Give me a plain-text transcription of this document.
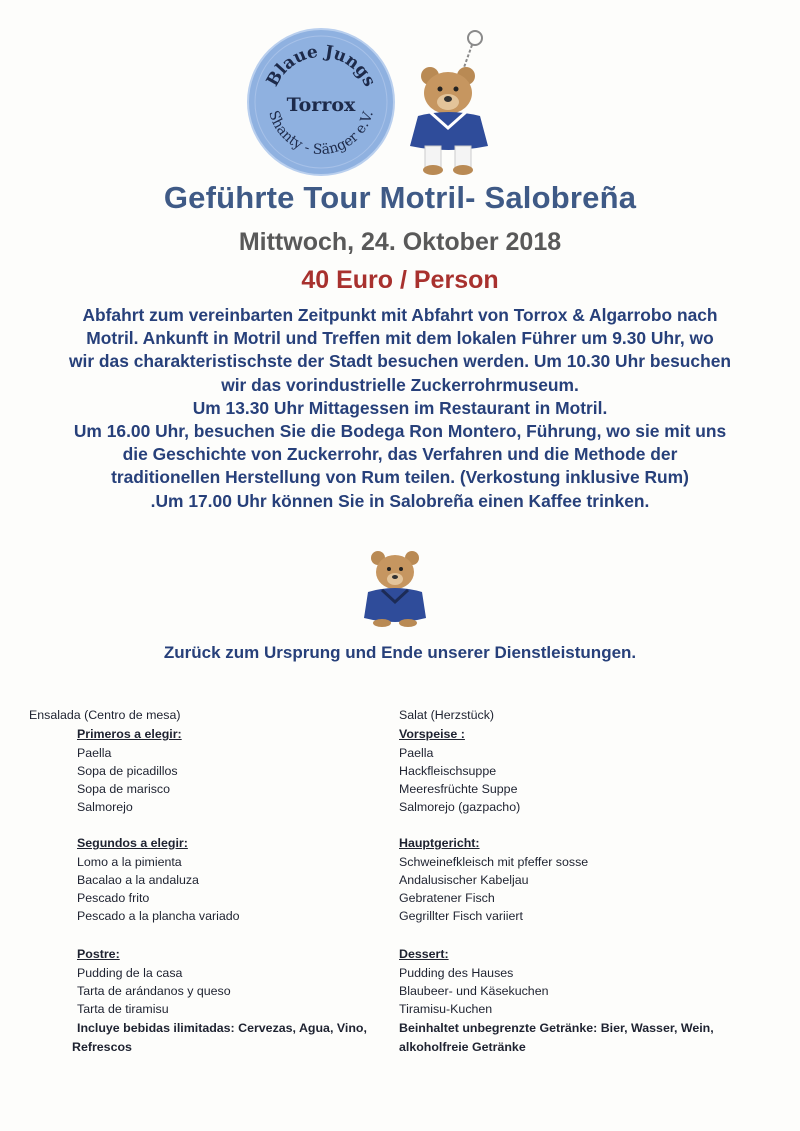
Blaue Jungs
Torrox
Shanty - Sänger e.V.
Geführte Tour Motril- Salobreña
Mittwoch, 24. Oktober 2018
40 Euro / Person
Abfahrt zum vereinbarten Zeitpunkt mit Abfahrt von Torrox & Algarrobo nach
Motril. Ankunft in Motril und Treffen mit dem lokalen Führer um 9.30 Uhr, wo
wir das charakteristischste der Stadt besuchen werden. Um 10.30 Uhr besuchen
wir das vorindustrielle Zuckerrohrmuseum.
Um 13.30 Uhr Mittagessen im Restaurant in Motril.
Um 16.00 Uhr, besuchen Sie die Bodega Ron Montero, Führung, wo sie mit uns
die Geschichte von Zuckerrohr, das Verfahren und die Methode der
traditionellen Herstellung von Rum teilen. (Verkostung inklusive Rum)
.Um 17.00 Uhr können Sie in Salobreña einen Kaffee trinken.
Zurück zum Ursprung und Ende unserer Dienstleistungen.
Ensalada (Centro de mesa)
Primeros a elegir:
Paella
Sopa de picadillos
Sopa de marisco
Salmorejo
Segundos a elegir:
Lomo a la pimienta
Bacalao a la andaluza
Pescado frito
Pescado a la plancha variado
Postre:
Pudding de la casa
Tarta de arándanos y queso
Tarta de tiramisu
Incluye bebidas ilimitadas: Cervezas, Agua, Vino,
Refrescos
Salat (Herzstück)
Vorspeise :
Paella
Hackfleischsuppe
Meeresfrüchte Suppe
Salmorejo (gazpacho)
Hauptgericht:
Schweinefkleisch mit pfeffer sosse
Andalusischer Kabeljau
Gebratener Fisch
Gegrillter Fisch variiert
Dessert:
Pudding des Hauses
Blaubeer- und Käsekuchen
Tiramisu-Kuchen
Beinhaltet unbegrenzte Getränke: Bier, Wasser, Wein,
alkoholfreie Getränke
